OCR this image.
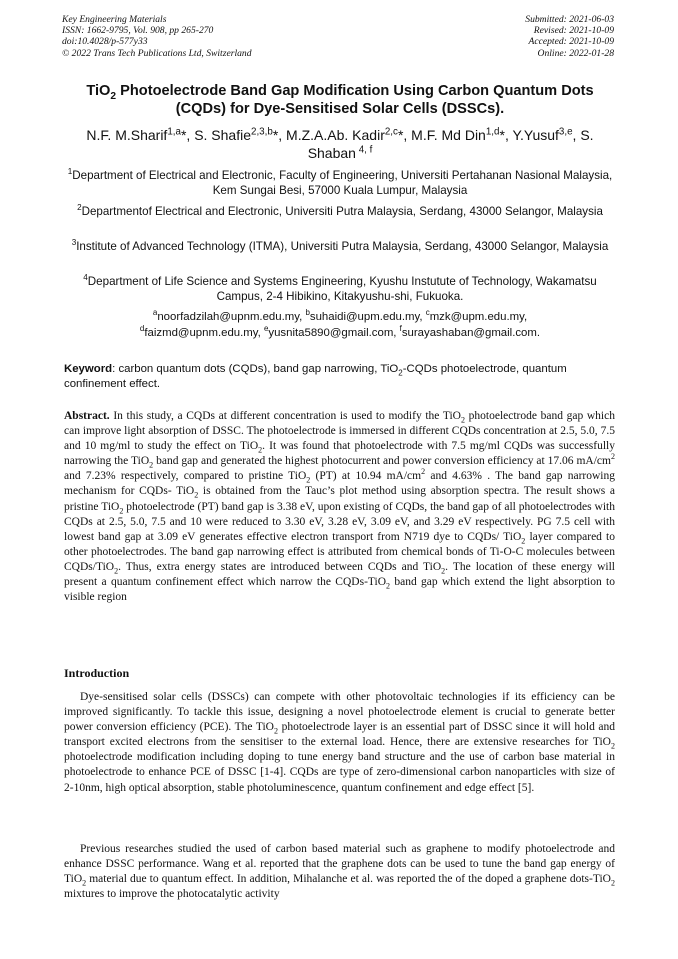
Key Engineering Materials
ISSN: 1662-9795, Vol. 908, pp 265-270
doi:10.4028/p-577y33
© 2022 Trans Tech Publications Ltd, Switzerland
Submitted: 2021-06-03
Revised: 2021-10-09
Accepted: 2021-10-09
Online: 2022-01-28
TiO$_2$ Photoelectrode Band Gap Modification Using Carbon Quantum Dots (CQDs) for Dye-Sensitised Solar Cells (DSSCs).
N.F. M.Sharif$^{1,a}$*, S. Shafie$^{2,3,b}$*, M.Z.A.Ab. Kadir$^{2,c}$*, M.F. Md Din$^{1,d}$*, Y.Yusuf$^{3,e}$, S. Shaban $^{4, f}$
$^1$Department of Electrical and Electronic, Faculty of Engineering, Universiti Pertahanan Nasional Malaysia, Kem Sungai Besi, 57000 Kuala Lumpur, Malaysia
$^2$Departmentof Electrical and Electronic, Universiti Putra Malaysia, Serdang, 43000 Selangor, Malaysia
$^3$Institute of Advanced Technology (ITMA), Universiti Putra Malaysia, Serdang, 43000 Selangor, Malaysia
$^4$Department of Life Science and Systems Engineering, Kyushu Instutute of Technology, Wakamatsu Campus, 2-4 Hibikino, Kitakyushu-shi, Fukuoka.
$^a$noorfadzilah@upnm.edu.my, $^b$suhaidi@upm.edu.my, $^c$mzk@upm.edu.my,
$^d$faizmd@upnm.edu.my, $^e$yusnita5890@gmail.com, $^f$surayashaban@gmail.com.
Keyword: carbon quantum dots (CQDs), band gap narrowing, TiO$_2$-CQDs photoelectrode, quantum confinement effect.
Abstract. In this study, a CQDs at different concentration is used to modify the TiO$_2$ photoelectrode band gap which can improve light absorption of DSSC. The photoelectrode is immersed in different CQDs concentration at 2.5, 5.0, 7.5 and 10 mg/ml to study the effect on TiO$_2$. It was found that photoelectrode with 7.5 mg/ml CQDs was successfully narrowing the TiO$_2$ band gap and generated the highest photocurrent and power conversion efficiency at 17.06 $mA/cm^2$ and 7.23% respectively, compared to pristine TiO$_2$ (PT) at 10.94 $mA/cm^2$ and 4.63% . The band gap narrowing mechanism for CQDs- TiO$_2$ is obtained from the Tauc’s plot method using absorption spectra. The result shows a pristine TiO$_2$ photoelectrode (PT) band gap is 3.38 eV, upon existing of CQDs, the band gap of all photoelectrodes with CQDs at 2.5, 5.0, 7.5 and 10 were reduced to 3.30 eV, 3.28 eV, 3.09 eV, and 3.29 eV respectively. PG 7.5 cell with lowest band gap at 3.09 eV generates effective electron transport from N719 dye to CQDs/ TiO$_2$ layer compared to other photoelectrodes. The band gap narrowing effect is attributed from chemical bonds of Ti-O-C molecules between CQDs/TiO$_2$. Thus, extra energy states are introduced between CQDs and TiO$_2$. The location of these energy will present a quantum confinement effect which narrow the CQDs-TiO$_2$ band gap which extend the light absorption to visible region
Introduction
Dye-sensitised solar cells (DSSCs) can compete with other photovoltaic technologies if its efficiency can be improved significantly. To tackle this issue, designing a novel photoelectrode element is crucial to generate better power conversion efficiency (PCE). The TiO$_2$ photoelectrode layer is an essential part of DSSC since it will hold and transport excited electrons from the sensitiser to the external load. Hence, there are extensive researches for TiO$_2$ photoelectrode modification including doping to tune energy band structure and the use of carbon base material in photoelectrode to enhance PCE of DSSC [1-4]. CQDs are type of zero-dimensional carbon nanoparticles with size of 2-10nm, high optical absorption, stable photoluminescence, quantum confinement and edge effect [5].
Previous researches studied the used of carbon based material such as graphene to modify photoelectrode and enhance DSSC performance. Wang et al. reported that the graphene dots can be used to tune the band gap energy of TiO$_2$ material due to quantum effect. In addition, Mihalanche et al. was reported the of the doped a graphene dots-TiO$_2$ mixtures to improve the photocatalytic activity
